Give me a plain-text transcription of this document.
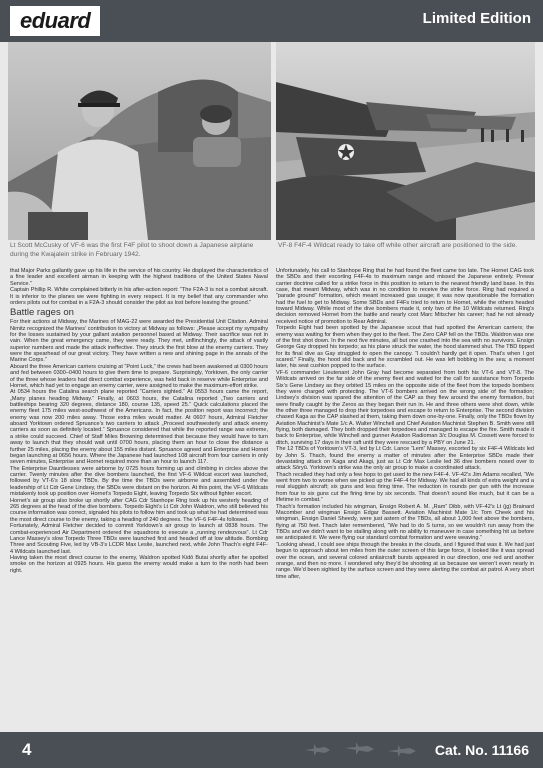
eduard	Limited Edition
Lt Scott McCusky of VF-6 was the first F4F pilot to shoot down a Japanese airplane during the Kwajalein strike in February 1942.
VF-8 F4F-4 Wildcat ready to take off while other aircraft are positioned to the side.

that Major Parks gallantly gave up his life in the service of his country. He displayed the characteristics of a fine leader and excellent airman in keeping with the highest traditions of the United States Naval Service.”

Captain Phillip R. White complained bitterly in his after-action report: “The F2A-3 is not a combat aircraft. It is inferior to the planes we were fighting in every respect. It is my belief that any commander who orders pilots out for combat in a F2A-3 should consider the pilot as lost before leaving the ground.”

Battle rages on

For their actions at Midway, the Marines of MAG-22 were awarded the Presidential Unit Citation. Admiral Nimitz recognized the Marines’ contribution to victory at Midway as follows: „Please accept my sympathy for the losses sustained by your gallant aviation personnel based at Midway. Their sacrifice was not in vain. When the great emergency came, they were ready. They met, unflinchingly, the attack of vastly superior numbers and made the attack ineffective. They struck the first blow at the enemy carriers. They were the spearhead of our great victory. They have written a new and shining page in the annals of the Marine Corps.“

Aboard the three American carriers cruising at “Point Luck,” the crews had been awakened at 0300 hours and fed between 0300–0400 hours to give them time to prepare. Surprisingly, Yorktown, the only carrier of the three whose leaders had direct combat experience, was held back in reserve while Enterprise and Hornet, which had yet to engage an enemy carrier, were assigned to make the maximum-effort strike.

At 0534 hours the Catalina search plane reported “Carriers sighted.” At 0553 hours came the report, „Many planes heading Midway.“ Finally, at 0603 hours, the Catalina reported „Two carriers and battleships bearing 320 degrees, distance 180, course 135, speed 25.“ Quick calculations placed the enemy fleet 175 miles west-southwest of the Americans. In fact, the position report was incorrect; the enemy was now 200 miles away. Those extra miles would matter. At 0607 hours, Admiral Fletcher aboard Yorktown ordered Spruance’s two carriers to attack „Proceed southwesterly and attack enemy carriers as soon as definitely located.“ Spruance considered that while the reported range was extreme, a strike could succeed. Chief of Staff Miles Browning determined that because they would have to turn away to launch that they should wait until 0700 hours, placing them an hour to close the distance a further 25 miles, placing the enemy about 155 miles distant. Spruance agreed and Enterprise and Hornet began launching at 0656 hours. Where the Japanese had launched 108 aircraft from four carriers in only seven minutes, Enterprise and Hornet required more than an hour to launch 117.

The Enterprise Dauntlesses were airborne by 0725 hours forming up and climbing in circles above the carrier. Twenty minutes after the dive bombers launched, the first VF-6 Wildcat escort was launched, followed by VT-6’s 18 slow TBDs. By the time the TBDs were airborne and assembled under the leadership of Lt Cdr Gene Lindsey, the SBDs were distant on the horizon. At this point, the VF-6 Wildcats mistakenly took up position over Hornet’s Torpedo Eight, leaving Torpedo Six without fighter escort.

Hornet’s air group also broke up shortly after CAG Cdr Stanhope Ring took up his westerly heading of 265 degrees at the head of the dive bombers. Torpedo Eight’s Lt Cdr John Waldron, who still believed his course information was correct, signaled his pilots to follow him and took up what he had determined was the most direct course to the enemy, taking a heading of 240 degrees. The VF-6 F4F-4s followed.

Fortunately, Admiral Fletcher decided to commit Yorktown’s air group to launch at 0838 hours. The combat-experienced Air Department ordered the squadrons to execute a „running rendezvous“. Lt Cdr Lance Massey’s slow Torpedo Three TBDs were launched first and headed off at low altitude. Bombing Three and Scouting Five, led by VB-3’s LCDR Max Leslie, launched next, while John Thach’s eight F4F-4 Wildcats launched last.

Having taken the most direct course to the enemy, Waldron spotted Kidō Butai shortly after he spotted smoke on the horizon at 0925 hours. His guess the enemy would make a turn to the north had been right.

Unfortunately, his call to Stanhope Ring that he had found the fleet came too late. The Hornet CAG took the SBDs and their escorting F4F-4s to maximum range and missed the Japanese entirely. Prewar carrier doctrine called for a strike force in this position to return to the nearest friendly land base. In this case, that meant Midway, which was in no condition to receive the strike force. Ring had required a “parade ground” formation, which meant increased gas usage; it was now questionable the formation had the fuel to get to Midway. Some SBDs and F4Fs tried to return to Hornet, while the others headed toward Midway. While most of the dive bombers made it, only two of the 10 Wildcats returned. Ring’s decision removed Hornet from the battle and nearly cost Marc Mitscher his career; had he not already received notice of promotion to Rear Admiral.

Torpedo Eight had been spotted by the Japanese scout that had spotted the American carriers; the enemy was waiting for them when they got to the fleet. The Zero CAP fell on the TBDs. Waldron was one of the first shot down. In the next five minutes, all but one crashed into the sea with no survivors. Ensign George Gay dropped his torpedo; as his plane struck the water, the hood slammed shut. The TBD tipped for its final dive as Gay struggled to open the canopy. “I couldn’t hardly get it open. That’s when I got scared.” Finally, the hood slid back and he scrambled out. He was left bobbing in the sea; a moment later, his seat cushion popped to the surface.

VF-6 commander Lieutenant John Gray had become separated from both his VT-6 and VT-8. The Wildcats arrived on the far side of the enemy fleet and waited for the call for assistance from Torpedo Six’s Gene Lindsey as they orbited 15 miles on the opposite side of the fleet from the torpedo bombers they were charged with protecting. The VT-6 bombers arrived on the wrong side of the formation; Lindsey’s division was spared the attention of the CAP as they flew around the enemy formation, but were finally caught by the Zeros as they began their run in. He and three others were shot down, while the other three managed to drop their torpedoes and escape to return to Enterprise. The second division chased Kaga as the CAP slashed at them, taking them down one-by-one. Finally, only the TBDs flown by Aviation Machinist’s Mate 1/c A. Walter Winchell and Chief Aviation Machinist Stephen B. Smith were still flying, both damaged. They both dropped their torpedoes and managed to escape the fire. Smith made it back to Enterprise, while Winchell and gunner Aviation Radioman 3/c Douglas M. Cossett were forced to ditch, surviving 17 days in their raft until they were rescued by a PBY on June 21.

The 12 TBDs of Yorktown’s VT-3, led by Lt Cdr. Lance “Lem” Massey, escorted by six F4F-4 Wildcats led by John S. Thach, found the enemy a matter of minutes after the Enterprise SBDs made their devastating attack on Kaga and Akagi, just as Lt Cdr Max Leslie led 36 dive bombers nosed over to attack Sōryū. Yorktown’s strike was the only air group to make a coordinated attack.

Thach recalled they had only a few hops to get used to the new F4F-4. VF-42’s Jim Adams recalled, “We went from two to worse when we picked up the F4F-4 for Midway. We had all kinds of extra weight and a real sluggish aircraft; six guns and less firing time. The reduction in rounds per gun with the increase from four to six guns cut the firing time by six seconds. That doesn’t sound like much, but it can be a lifetime in combat.”

Thach’s formation included his wingman, Ensign Robert A. M. „Ram“ Dibb, with VF-42’s Lt (jg) Brainard Macomber and wingman Ensign Edgar Bassett. Aviation Machinist Mate 1/c Tom Cheek and his wingman, Ensign Daniel Sheedy, were just astern of the TBDs, all about 1,000 feet above the bombers, flying at 750 feet. Thach later remembered, “We had to do S turns, so we wouldn’t run away from the TBDs and we didn’t want to be stalling along with no ability to maneuver in case something hit us before we anticipated it. We were flying our standard combat formation and were weaving.”

“Looking ahead, I could see ships through the breaks in the clouds, and I figured that was it. We had just begun to approach about ten miles from the outer screen of this large force, it looked like it was spread over the ocean, and several colored antiaircraft bursts appeared in our direction, one red and another orange, and then no more. I wondered why they’d be shooting at us because we weren’t even nearly in range. We’d been sighted by the surface screen and they were alerting the combat air patrol. A very short time after,

4	Cat. No. 11166
